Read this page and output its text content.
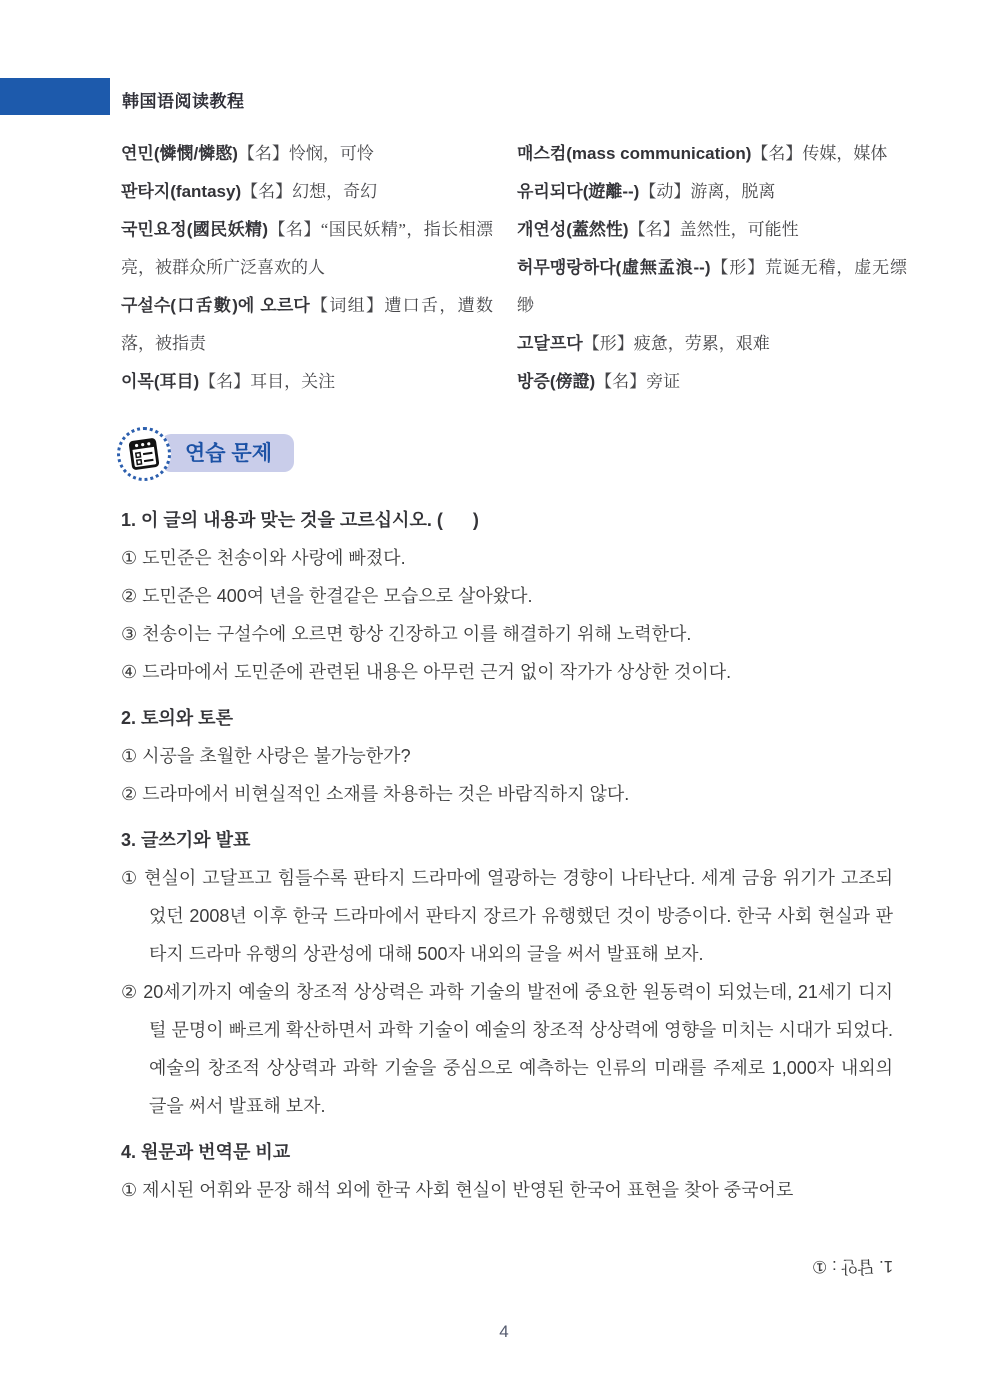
韩国语阅读教程
연민(憐憫/憐愍)【名】怜悯，可怜
판타지(fantasy)【名】幻想，奇幻
국민요정(國民妖精)【名】“国民妖精”，指长相漂亮，被群众所广泛喜欢的人
구설수(口舌數)에 오르다【词组】遭口舌，遭数落，被指责
이목(耳目)【名】耳目，关注
매스컴(mass communication)【名】传媒，媒体
유리되다(遊離--)【动】游离，脱离
개연성(蓋然性)【名】盖然性，可能性
허무맹랑하다(虛無孟浪--)【形】荒诞无稽，虚无缥缈
고달프다【形】疲惫，劳累，艰难
방증(傍證)【名】旁证
연습 문제
1. 이 글의 내용과 맞는 것을 고르십시오. (      )
① 도민준은 천송이와 사랑에 빠졌다.
② 도민준은 400여 년을 한결같은 모습으로 살아왔다.
③ 천송이는 구설수에 오르면 항상 긴장하고 이를 해결하기 위해 노력한다.
④ 드라마에서 도민준에 관련된 내용은 아무런 근거 없이 작가가 상상한 것이다.
2. 토의와 토론
① 시공을 초월한 사랑은 불가능한가?
② 드라마에서 비현실적인 소재를 차용하는 것은 바람직하지 않다.
3. 글쓰기와 발표
① 현실이 고달프고 힘들수록 판타지 드라마에 열광하는 경향이 나타난다. 세계 금융 위기가 고조되었던 2008년 이후 한국 드라마에서 판타지 장르가 유행했던 것이 방증이다. 한국 사회 현실과 판타지 드라마 유행의 상관성에 대해 500자 내외의 글을 써서 발표해 보자.
② 20세기까지 예술의 창조적 상상력은 과학 기술의 발전에 중요한 원동력이 되었는데, 21세기 디지털 문명이 빠르게 확산하면서 과학 기술이 예술의 창조적 상상력에 영향을 미치는 시대가 되었다. 예술의 창조적 상상력과 과학 기술을 중심으로 예측하는 인류의 미래를 주제로 1,000자 내외의 글을 써서 발표해 보자.
4. 원문과 번역문 비교
① 제시된 어휘와 문장 해석 외에 한국 사회 현실이 반영된 한국어 표현을 찾아 중국어로
1. 답안 : ①
4
